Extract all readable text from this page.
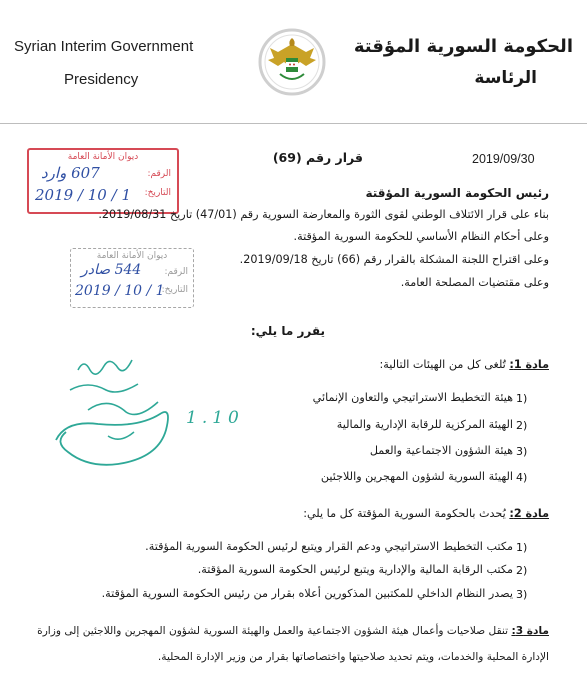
Syrian Interim Government
Presidency
الحكومة السورية المؤقتة
الرئاسة
قرار رقم (69)	2019/09/30
ديوان الأمانة العامة
الرقم:
التاريخ:
607 وارد
2019 / 10 / 1
ديوان الأمانة العامة
الرقم:
التاريخ:
544 صادر
2019 / 10 / 1
رئيس الحكومة السورية المؤقتة
بناء على قرار الائتلاف الوطني لقوى الثورة والمعارضة السورية رقم (47/01) تاريخ 2019/08/31.
وعلى أحكام النظام الأساسي للحكومة السورية المؤقتة.
وعلى اقتراح اللجنة المشكلة بالقرار رقم (66) تاريخ 2019/09/18.
وعلى مقتضيات المصلحة العامة.
يقرر ما يلي:
مادة 1: تُلغى كل من الهيئات التالية:
هيئة التخطيط الاستراتيجي والتعاون الإنمائي 1)
الهيئة المركزية للرقابة الإدارية والمالية 2)
هيئة الشؤون الاجتماعية والعمل 3)
الهيئة السورية لشؤون المهجرين واللاجئين 4)
مادة 2: يُحدث بالحكومة السورية المؤقتة كل ما يلي:
مكتب التخطيط الاستراتيجي ودعم القرار ويتبع لرئيس الحكومة السورية المؤقتة. 1)
مكتب الرقابة المالية والإدارية ويتبع لرئيس الحكومة السورية المؤقتة. 2)
يصدر النظام الداخلي للمكتبين المذكورين أعلاه بقرار من رئيس الحكومة السورية المؤقتة. 3)
مادة 3: تنقل صلاحيات وأعمال هيئة الشؤون الاجتماعية والعمل والهيئة السورية لشؤون المهجرين واللاجئين إلى وزارة
الإدارة المحلية والخدمات، ويتم تحديد صلاحيتها واختصاصاتها بقرار من وزير الإدارة المحلية.
1.10
